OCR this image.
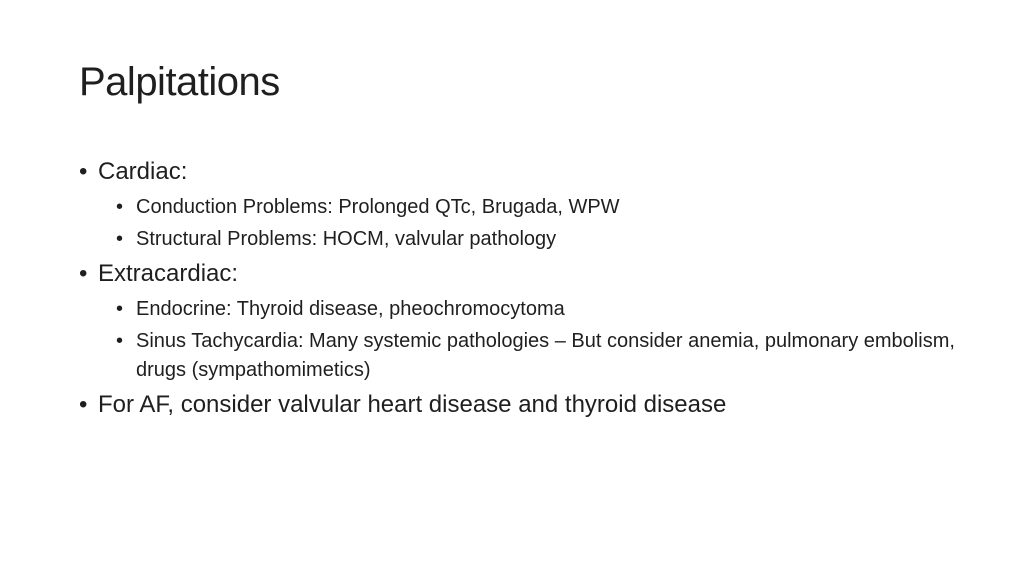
Palpitations
• Cardiac:
• Conduction Problems: Prolonged QTc, Brugada, WPW
• Structural Problems: HOCM, valvular pathology
• Extracardiac:
• Endocrine: Thyroid disease, pheochromocytoma
• Sinus Tachycardia: Many systemic pathologies – But consider anemia, pulmonary embolism, drugs (sympathomimetics)
• For AF, consider valvular heart disease and thyroid disease
